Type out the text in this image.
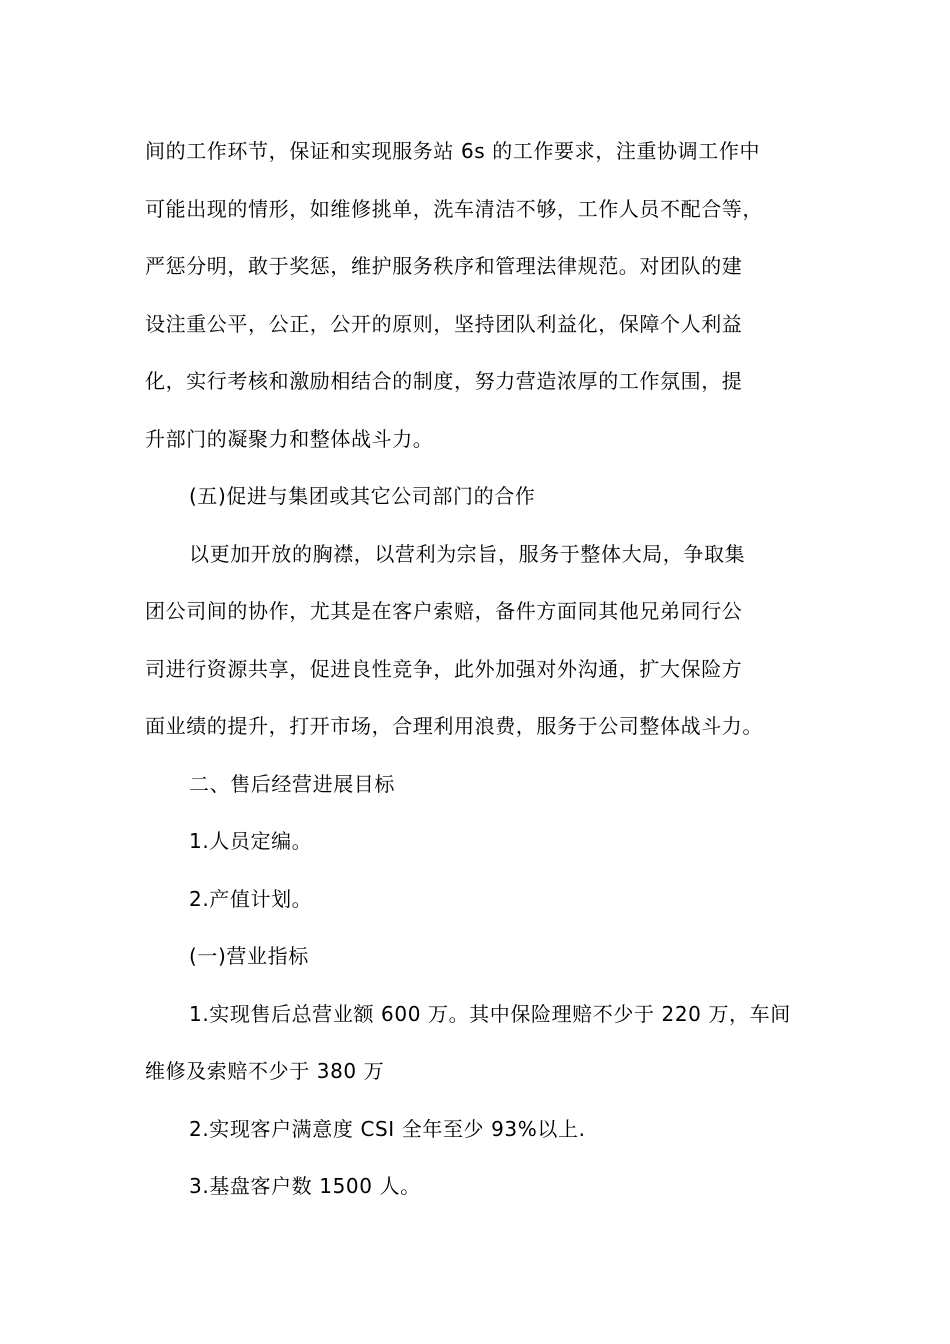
间的工作环节，保证和实现服务站 6s 的工作要求，注重协调工作中
可能出现的情形，如维修挑单，洗车清洁不够，工作人员不配合等，
严惩分明，敢于奖惩，维护服务秩序和管理法律规范。对团队的建
设注重公平，公正，公开的原则，坚持团队利益化，保障个人利益
化，实行考核和激励相结合的制度，努力营造浓厚的工作氛围，提
升部门的凝聚力和整体战斗力。
(五)促进与集团或其它公司部门的合作
以更加开放的胸襟，以营利为宗旨，服务于整体大局，争取集
团公司间的协作，尤其是在客户索赔，备件方面同其他兄弟同行公
司进行资源共享，促进良性竞争，此外加强对外沟通，扩大保险方
面业绩的提升，打开市场，合理利用浪费，服务于公司整体战斗力。
二、售后经营进展目标
1.人员定编。
2.产值计划。
(一)营业指标
1.实现售后总营业额 600 万。其中保险理赔不少于 220 万，车间
维修及索赔不少于 380 万
2.实现客户满意度 CSI 全年至少 93%以上.
3.基盘客户数 1500 人。
